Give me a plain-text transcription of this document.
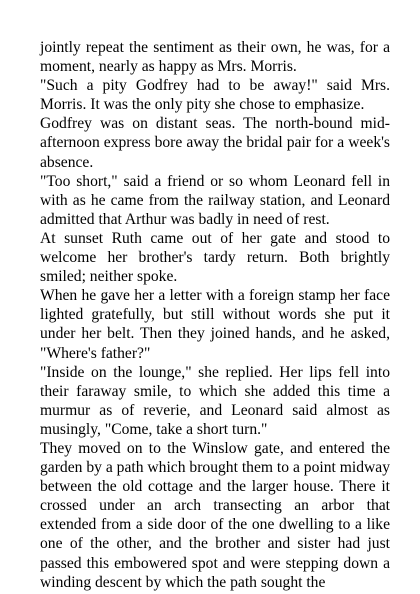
jointly repeat the sentiment as their own, he was, for a moment, nearly as happy as Mrs. Morris.

"Such a pity Godfrey had to be away!" said Mrs. Morris. It was the only pity she chose to emphasize.

Godfrey was on distant seas. The north-bound mid-afternoon express bore away the bridal pair for a week's absence.

"Too short," said a friend or so whom Leonard fell in with as he came from the railway station, and Leonard admitted that Arthur was badly in need of rest.

At sunset Ruth came out of her gate and stood to welcome her brother's tardy return. Both brightly smiled; neither spoke.

When he gave her a letter with a foreign stamp her face lighted gratefully, but still without words she put it under her belt. Then they joined hands, and he asked, "Where's father?"

"Inside on the lounge," she replied. Her lips fell into their faraway smile, to which she added this time a murmur as of reverie, and Leonard said almost as musingly, "Come, take a short turn."

They moved on to the Winslow gate, and entered the garden by a path which brought them to a point midway between the old cottage and the larger house. There it crossed under an arch transecting an arbor that extended from a side door of the one dwelling to a like one of the other, and the brother and sister had just passed this embowered spot and were stepping down a winding descent by which the path sought the
